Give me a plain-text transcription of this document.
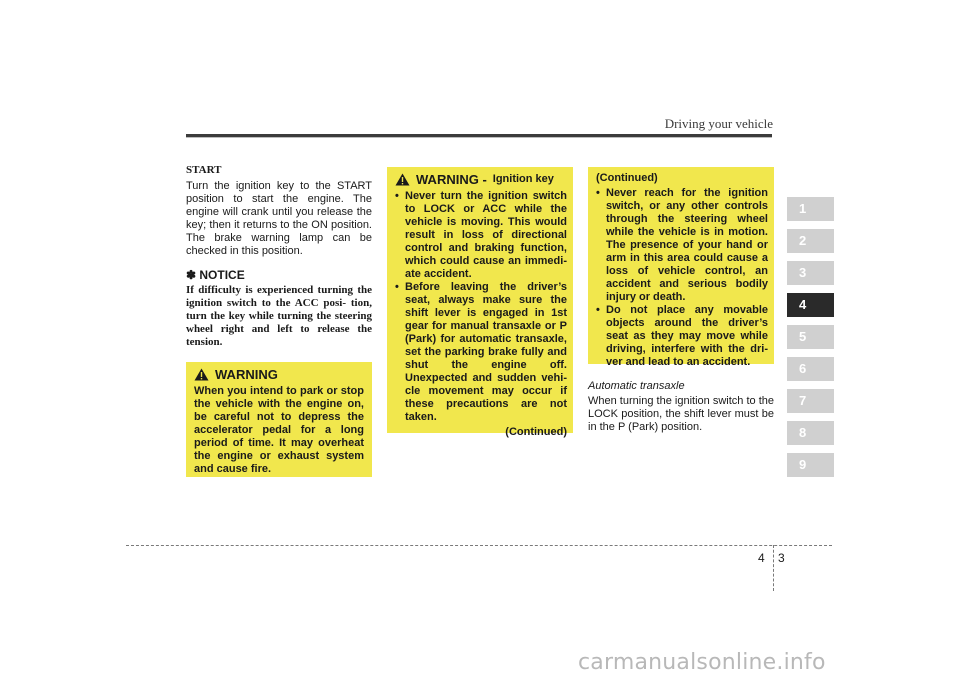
Driving your vehicle

START

Turn the ignition key to the START position to start the engine. The engine will crank until you release the key; then it returns to the ON position. The brake warning lamp can be checked in this position.

✽ NOTICE

If difficulty is experienced turning the ignition switch to the ACC posi- tion, turn the key while turning the steering wheel right and left to release the tension.

WARNING

When you intend to park or stop the vehicle with the engine on, be careful not to depress the accelerator pedal for a long period of time. It may overheat the engine or exhaust system and cause fire.

WARNING - Ignition key
• Never turn the ignition switch to LOCK or ACC while the vehicle is moving. This would result in loss of directional control and braking function, which could cause an immedi- ate accident.
• Before leaving the driver’s seat, always make sure the shift lever is engaged in 1st gear for manual transaxle or P (Park) for automatic transaxle, set the parking brake fully and shut the engine off. Unexpected and sudden vehi- cle movement may occur if these precautions are not taken.

(Continued)

(Continued)

• Never reach for the ignition switch, or any other controls through the steering wheel while the vehicle is in motion. The presence of your hand or arm in this area could cause a loss of vehicle control, an accident and serious bodily injury or death.
• Do not place any movable objects around the driver’s seat as they may move while driving, interfere with the dri- ver and lead to an accident.

Automatic transaxle

When turning the ignition switch to the LOCK position, the shift lever must be in the P (Park) position.

1
2
3
4
5
6
7
8
9
4 3
carmanualsonline.info
